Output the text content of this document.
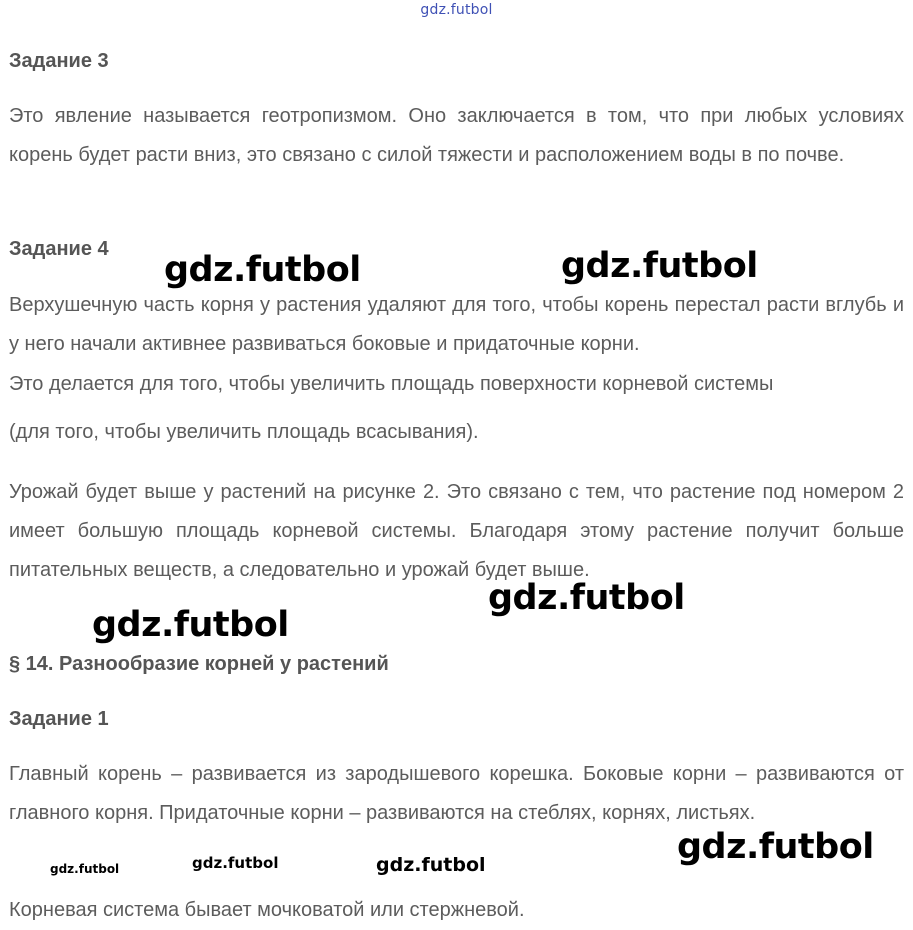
gdz.futbol
Задание 3

Это явление называется геотропизмом. Оно заключается в том, что при любых условиях корень будет расти вниз, это связано с силой тяжести и расположением воды в по почве.

Задание 4

Верхушечную часть корня у растения удаляют для того, чтобы корень перестал расти вглубь и у него начали активнее развиваться боковые и придаточные корни.

Это делается для того, чтобы увеличить площадь поверхности корневой системы

(для того, чтобы увеличить площадь всасывания).

Урожай будет выше у растений на рисунке 2. Это связано с тем, что растение под номером 2 имеет большую площадь корневой системы. Благодаря этому растение получит больше питательных веществ, а следовательно и урожай будет выше.

§ 14. Разнообразие корней у растений
Задание 1

Главный корень – развивается из зародышевого корешка. Боковые корни – развиваются от главного корня. Придаточные корни – развиваются на стеблях, корнях, листьях.

Корневая система бывает мочковатой или стержневой.

gdz.futbol	gdz.futbol
gdz.futbol
gdz.futbol
gdz.futbol
gdz.futbol	gdz.futbol	gdz.futbol
